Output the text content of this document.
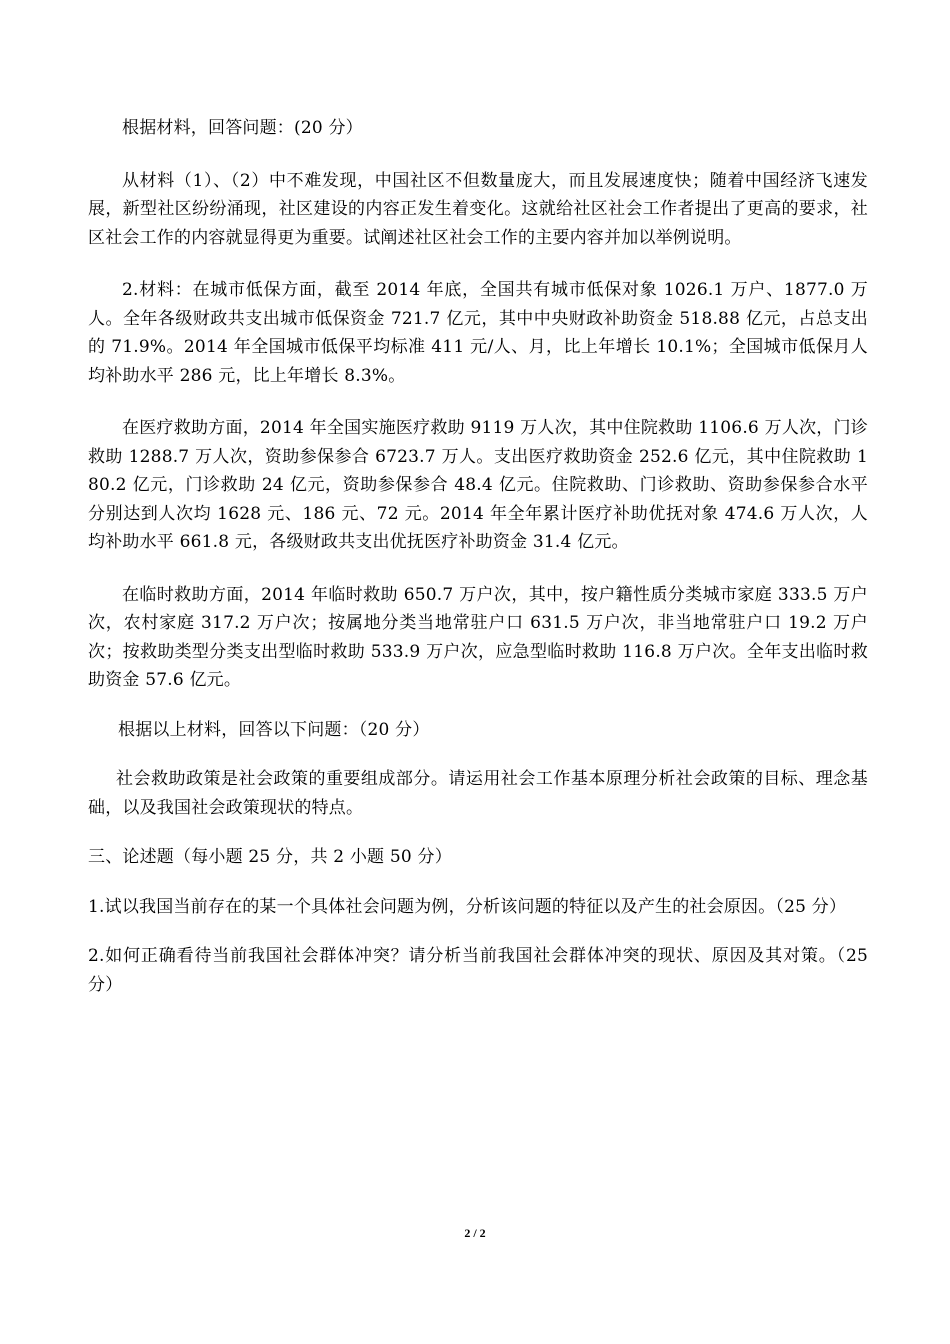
根据材料，回答问题：(20 分）

从材料（1）、（2）中不难发现，中国社区不但数量庞大，而且发展速度快；随着中国经济飞速发展，新型社区纷纷涌现，社区建设的内容正发生着变化。这就给社区社会工作者提出了更高的要求，社区社会工作的内容就显得更为重要。试阐述社区社会工作的主要内容并加以举例说明。

2.材料：在城市低保方面，截至 2014 年底，全国共有城市低保对象 1026.1 万户、1877.0 万人。全年各级财政共支出城市低保资金 721.7 亿元，其中中央财政补助资金 518.88 亿元，占总支出的 71.9%。2014 年全国城市低保平均标准 411 元/人、月，比上年增长 10.1%；全国城市低保月人均补助水平 286 元，比上年增长 8.3%。

在医疗救助方面，2014 年全国实施医疗救助 9119 万人次，其中住院救助 1106.6 万人次，门诊救助 1288.7 万人次，资助参保参合 6723.7 万人。支出医疗救助资金 252.6 亿元，其中住院救助 180.2 亿元，门诊救助 24 亿元，资助参保参合 48.4 亿元。住院救助、门诊救助、资助参保参合水平分别达到人次均 1628 元、186 元、72 元。2014 年全年累计医疗补助优抚对象 474.6 万人次，人均补助水平 661.8 元，各级财政共支出优抚医疗补助资金 31.4 亿元。

在临时救助方面，2014 年临时救助 650.7 万户次，其中，按户籍性质分类城市家庭 333.5 万户次，农村家庭 317.2 万户次；按属地分类当地常驻户口 631.5 万户次，非当地常驻户口 19.2 万户次；按救助类型分类支出型临时救助 533.9 万户次，应急型临时救助 116.8 万户次。全年支出临时救助资金 57.6 亿元。

根据以上材料，回答以下问题：（20 分）

社会救助政策是社会政策的重要组成部分。请运用社会工作基本原理分析社会政策的目标、理念基础，以及我国社会政策现状的特点。

三、论述题（每小题 25 分，共 2 小题 50 分）

1.试以我国当前存在的某一个具体社会问题为例，分析该问题的特征以及产生的社会原因。（25 分）

2.如何正确看待当前我国社会群体冲突？请分析当前我国社会群体冲突的现状、原因及其对策。（25 分）

2 / 2
